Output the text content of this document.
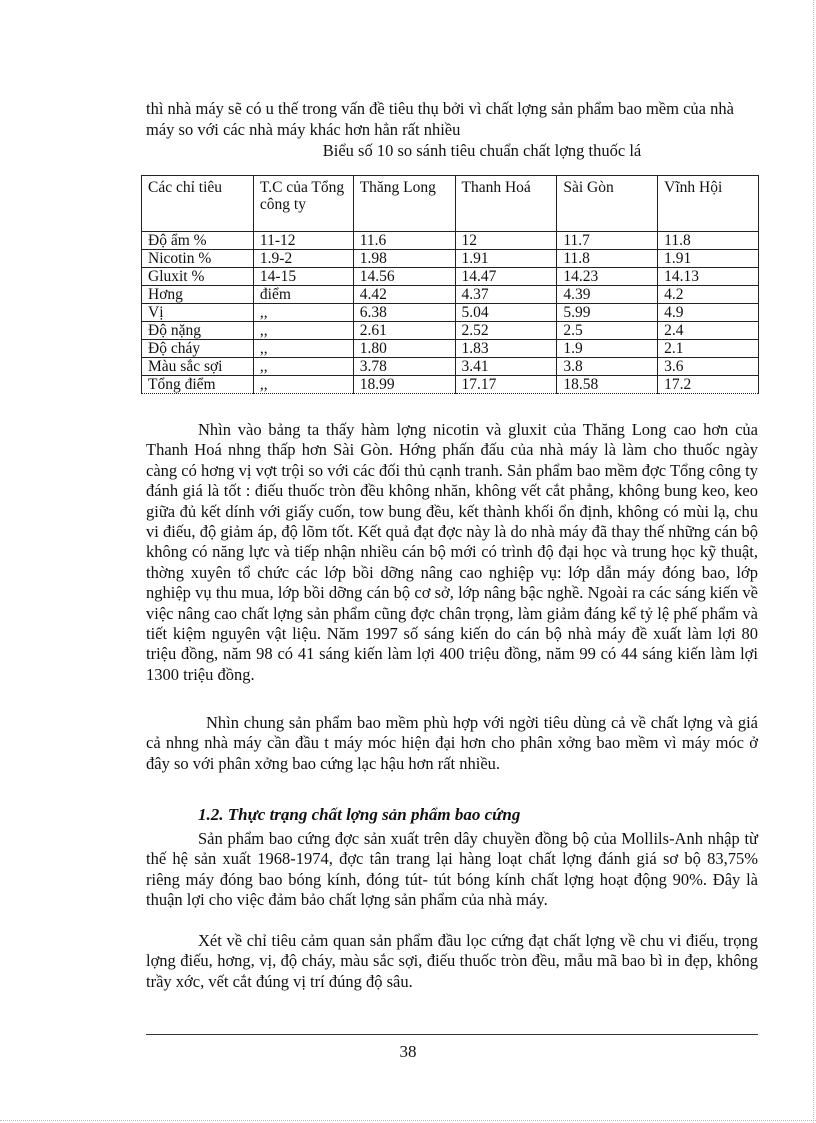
thì nhà máy sẽ có u thế trong vấn đề tiêu thụ bởi vì chất lợng sản phẩm bao mềm của nhà máy so với các nhà máy khác hơn hẳn rất nhiều

Biểu số 10 so sánh tiêu chuẩn chất lợng thuốc lá

Các chỉ tiêu	T.C của Tổng công ty	Thăng Long	Thanh Hoá	Sài Gòn	Vĩnh Hội
Độ ẩm %	11-12	11.6	12	11.7	11.8
Nicotin %	1.9-2	1.98	1.91	11.8	1.91
Gluxit %	14-15	14.56	14.47	14.23	14.13
Hơng	điểm	4.42	4.37	4.39	4.2
Vị	,,	6.38	5.04	5.99	4.9
Độ nặng	,,	2.61	2.52	2.5	2.4
Độ cháy	,,	1.80	1.83	1.9	2.1
Màu sắc sợi	,,	3.78	3.41	3.8	3.6
Tổng điểm	,,	18.99	17.17	18.58	17.2

Nhìn vào bảng ta thấy hàm lợng nicotin và gluxit của Thăng Long cao hơn của Thanh Hoá nhng thấp hơn Sài Gòn. Hớng phấn đấu của nhà máy là làm cho thuốc ngày càng có hơng vị vợt trội so với các đối thủ cạnh tranh. Sản phẩm bao mềm đợc Tổng công ty đánh giá là tốt : điếu thuốc tròn đều không nhăn, không vết cắt phẳng, không bung keo, keo giữa đủ kết dính với giấy cuốn, tow bung đều, kết thành khối ổn định, không có mùi lạ, chu vi điếu, độ giảm áp, độ lõm tốt. Kết quả đạt đợc này là do nhà máy đã thay thế những cán bộ không có năng lực và tiếp nhận nhiều cán bộ mới có trình độ đại học và trung học kỹ thuật, thờng xuyên tổ chức các lớp bồi dỡng nâng cao nghiệp vụ: lớp dẫn máy đóng bao, lớp nghiệp vụ thu mua, lớp bồi dỡng cán bộ cơ sở, lớp nâng bậc nghề. Ngoài ra các sáng kiến về việc nâng cao chất lợng sản phẩm cũng đợc chân trọng, làm giảm đáng kể tỷ lệ phế phẩm và tiết kiệm nguyên vật liệu. Năm 1997 số sáng kiến do cán bộ nhà máy đề xuất làm lợi 80 triệu đồng, năm 98 có 41 sáng kiến làm lợi 400 triệu đồng, năm 99 có 44 sáng kiến làm lợi 1300 triệu đồng.

Nhìn chung sản phẩm bao mềm phù hợp với ngời tiêu dùng cả về chất lợng và giá cả nhng nhà máy cần đầu t máy móc hiện đại hơn cho phân xởng bao mềm vì máy móc ở đây so với phân xởng bao cứng lạc hậu hơn rất nhiều.

1.2. Thực trạng chất lợng sản phẩm bao cứng

Sản phẩm bao cứng đợc sản xuất trên dây chuyền đồng bộ của Mollils-Anh nhập từ thế hệ sản xuất 1968-1974, đợc tân trang lại hàng loạt chất lợng đánh giá sơ bộ 83,75% riêng máy đóng bao bóng kính, đóng tút- tút bóng kính chất lợng hoạt động 90%. Đây là thuận lợi cho việc đảm bảo chất lợng sản phẩm của nhà máy.

Xét về chỉ tiêu cảm quan sản phẩm đầu lọc cứng đạt chất lợng về chu vi điếu, trọng lợng điếu, hơng, vị, độ cháy, màu sắc sợi, điếu thuốc tròn đều, mẫu mã bao bì in đẹp, không trầy xớc, vết cắt đúng vị trí đúng độ sâu.

38
